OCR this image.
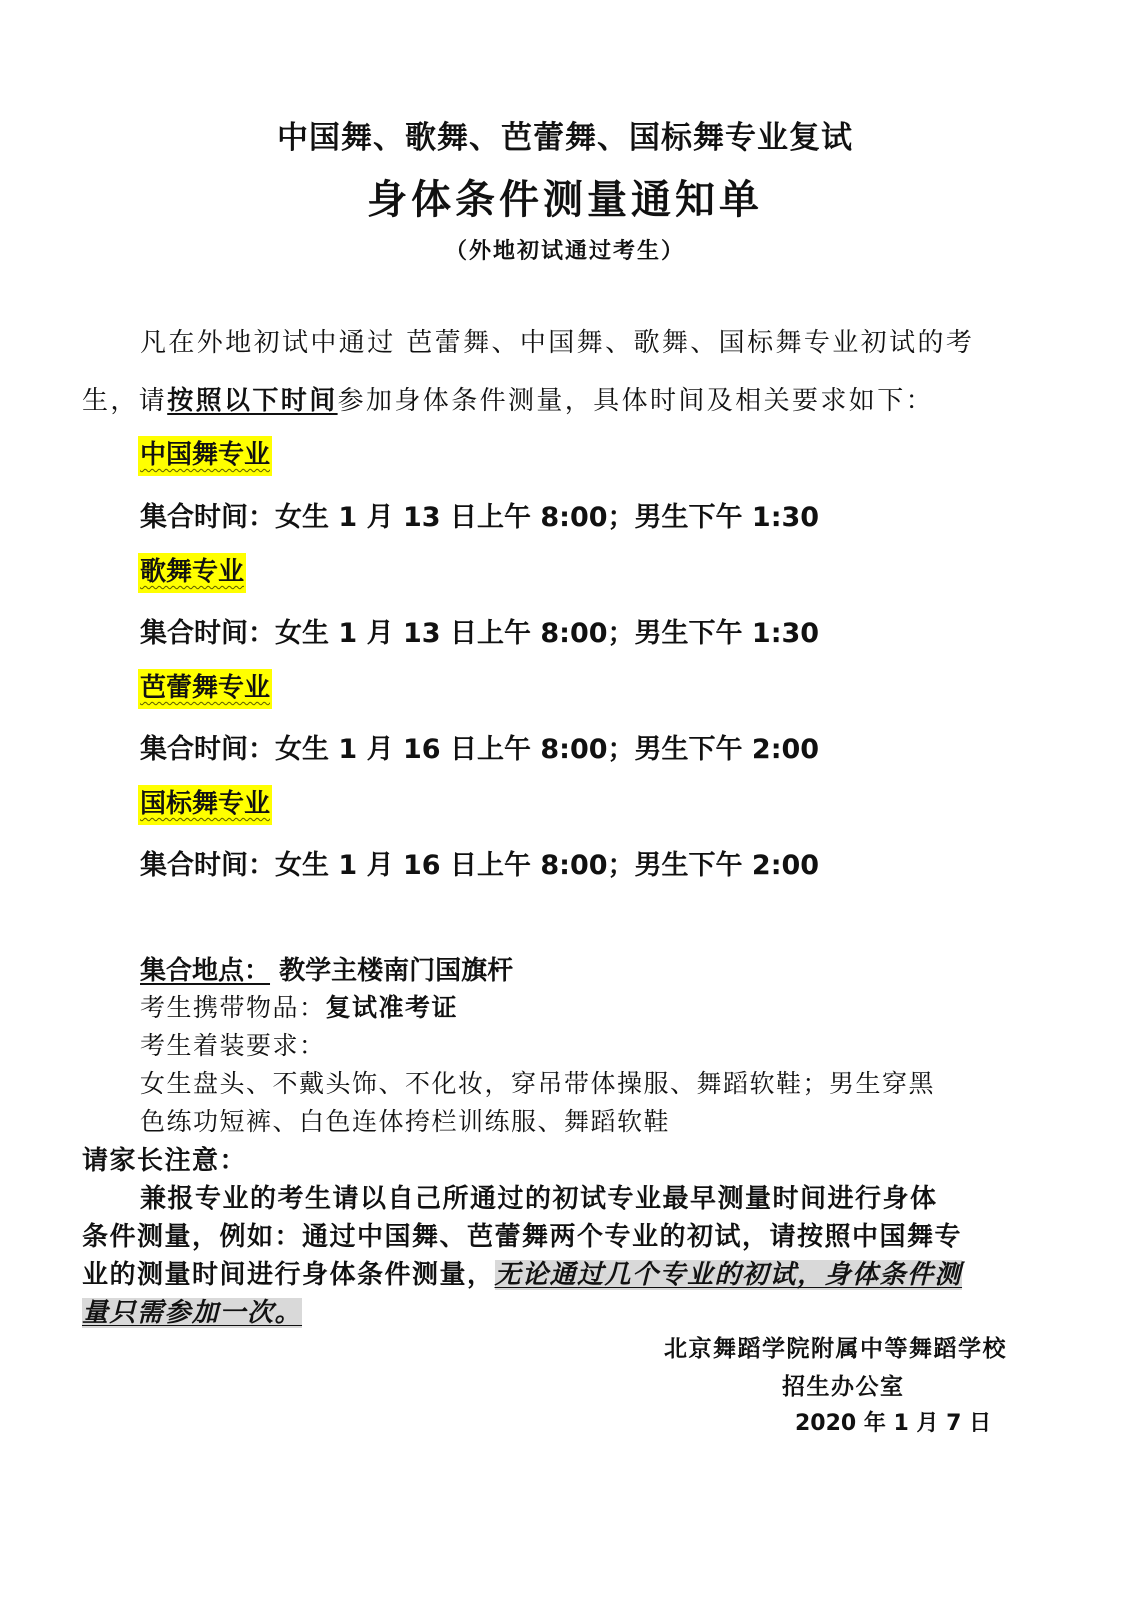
中国舞、歌舞、芭蕾舞、国标舞专业复试
身体条件测量通知单
（外地初试通过考生）
凡在外地初试中通过 芭蕾舞、中国舞、歌舞、国标舞专业初试的考
生，请按照以下时间参加身体条件测量，具体时间及相关要求如下：
中国舞专业
集合时间：女生 1 月 13 日上午 8:00；男生下午 1:30
歌舞专业
集合时间：女生 1 月 13 日上午 8:00；男生下午 1:30
芭蕾舞专业
集合时间：女生 1 月 16 日上午 8:00；男生下午 2:00
国标舞专业
集合时间：女生 1 月 16 日上午 8:00；男生下午 2:00
集合地点： 教学主楼南门国旗杆
考生携带物品：复试准考证
考生着装要求：
女生盘头、不戴头饰、不化妆，穿吊带体操服、舞蹈软鞋；男生穿黑
色练功短裤、白色连体挎栏训练服、舞蹈软鞋
请家长注意：
兼报专业的考生请以自己所通过的初试专业最早测量时间进行身体
条件测量，例如：通过中国舞、芭蕾舞两个专业的初试，请按照中国舞专
业的测量时间进行身体条件测量，无论通过几个专业的初试，身体条件测
量只需参加一次。
北京舞蹈学院附属中等舞蹈学校
招生办公室
2020 年 1 月 7 日
